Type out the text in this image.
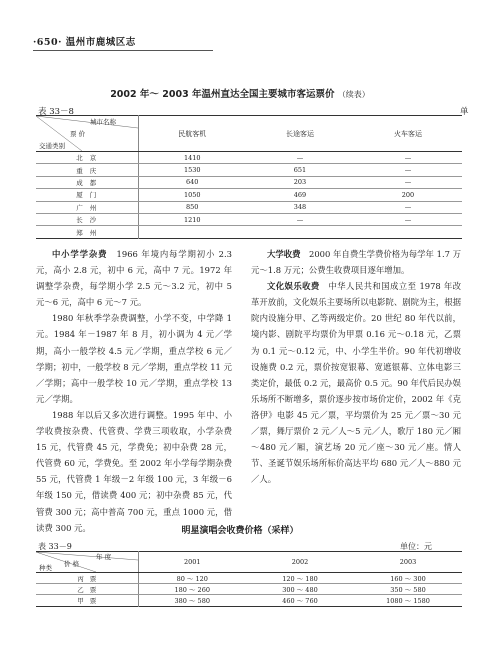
·650· 温州市鹿城区志
2002 年～ 2003 年温州直达全国主要城市客运票价 （续表）
表 33－8	单
城市名称
票 价
交通类别	民航客机	长途客运	火车客运
北京	1410	—	—
重庆	1530	651	—
成都	640	203	—
厦门	1050	469	200
广州	850	348	—
长沙	1210	—	—
郑州			

中小学学杂费　1966 年境内每学期初小 2.3 元，高小 2.8 元，初中 6 元，高中 7 元。1972 年调整学杂费，每学期小学 2.5 元～3.2 元，初中 5 元～6 元，高中 6 元～7 元。

1980 年秋季学杂费调整，小学不变，中学降 1 元。1984 年－1987 年 8 月，初小调为 4 元／学期，高小一般学校 4.5 元／学期，重点学校 6 元／学期；初中，一般学校 8 元／学期，重点学校 11 元／学期；高中一般学校 10 元／学期，重点学校 13 元／学期。

1988 年以后又多次进行调整。1995 年中、小学收费按杂费、代管费、学费三项收取，小学杂费 15 元，代管费 45 元，学费免；初中杂费 28 元，代管费 60 元，学费免。至 2002 年小学每学期杂费 55 元，代管费 1 年级－2 年级 100 元，3 年级－6 年级 150 元，借读费 400 元；初中杂费 85 元，代管费 300 元；高中普高 700 元，重点 1000 元，借读费 300 元。

大学收费　2000 年自费生学费价格为每学年 1.7 万元～1.8 万元；公费生收费项目逐年增加。

文化娱乐收费　中华人民共和国成立至 1978 年改革开放前，文化娱乐主要场所以电影院、剧院为主，根据院内设施分甲、乙等两级定价。20 世纪 80 年代以前，境内影、剧院平均票价为甲票 0.16 元～0.18 元，乙票为 0.1 元～0.12 元，中、小学生半价。90 年代初增收设施费 0.2 元，票价按宽银幕、宽遮银幕、立体电影三类定价，最低 0.2 元，最高价 0.5 元。90 年代后民办娱乐场所不断增多，票价逐步按市场价定价，2002 年《克洛伊》电影 45 元／票，平均票价为 25 元／票～30 元／票，舞厅票价 2 元／人～5 元／人，歌厅 180 元／厢～480 元／厢，演艺场 20 元／座～30 元／座。情人节、圣诞节娱乐场所标价高达平均 680 元／人～880 元／人。

明星演唱会收费价格（采样）
表 33－9	单位：元
年 度
价 格
种类	2001	2002	2003
丙票	80 ～ 120	120 ～ 180	160 ～ 300
乙票	180 ～ 260	300 ～ 480	350 ～ 580
甲票	380 ～ 580	460 ～ 760	1080 ～ 1580
